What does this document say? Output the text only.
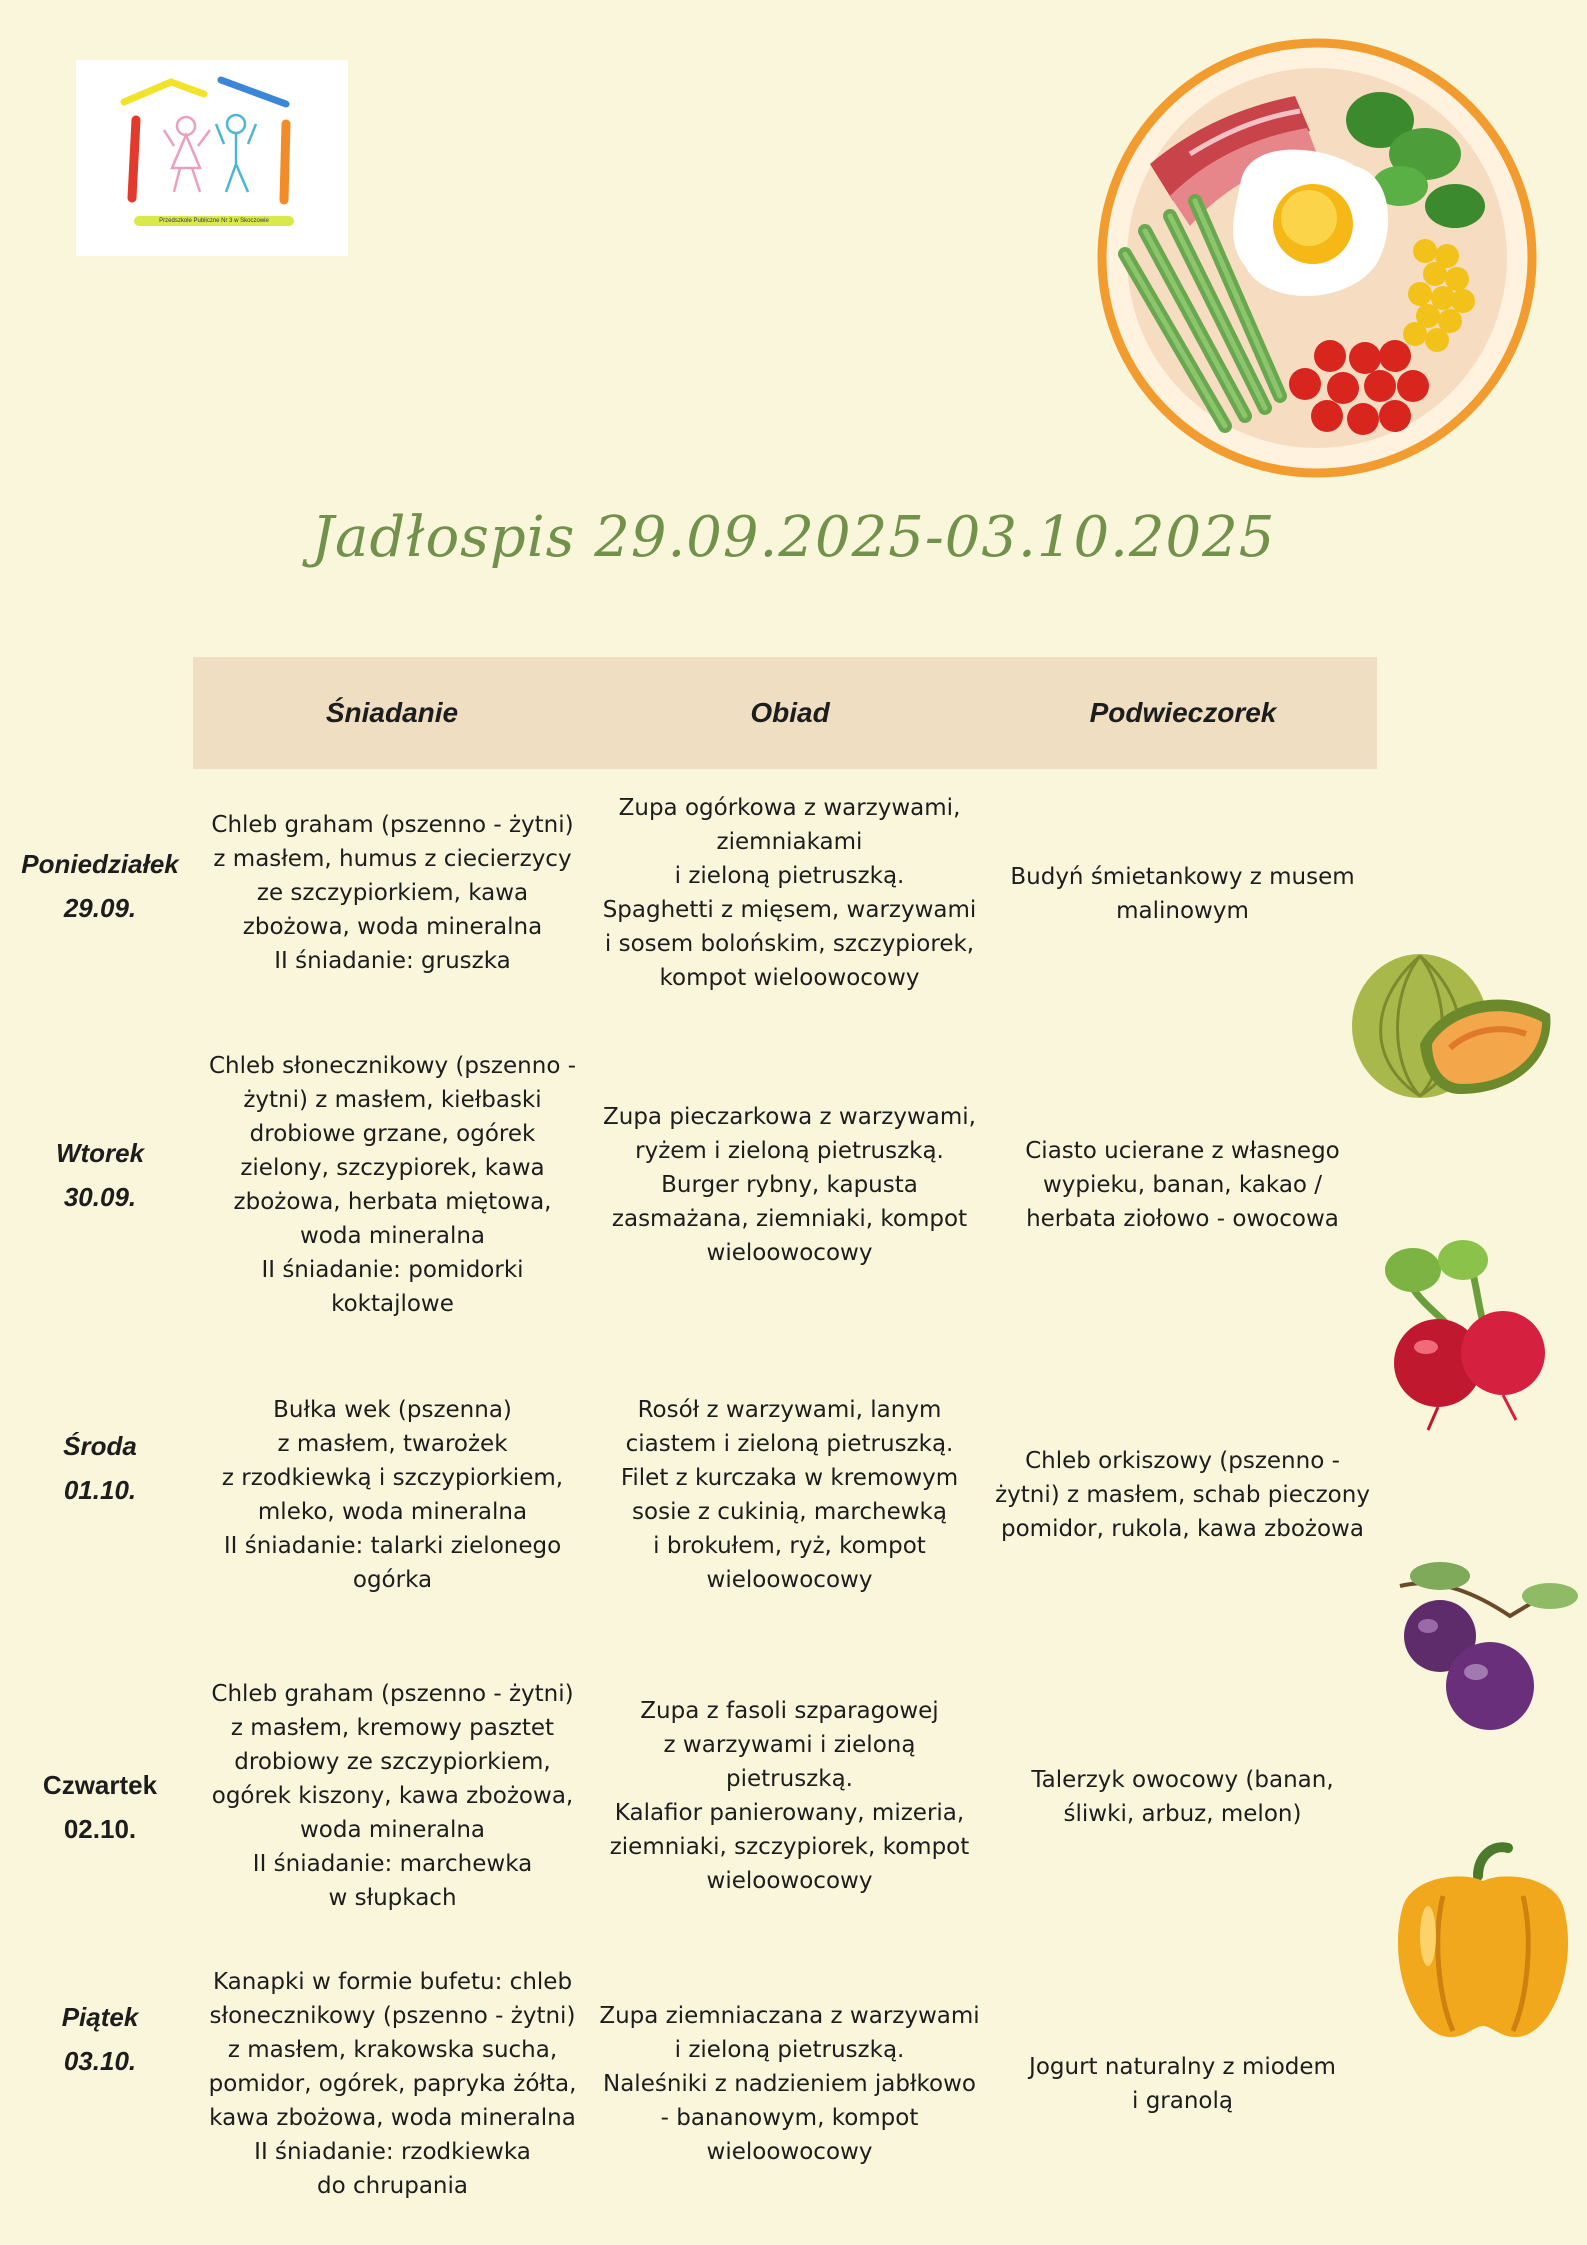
Przedszkole Publiczne Nr 3 w Skoczowie
Jadłospis 29.09.2025-03.10.2025
Śniadanie	Obiad	Podwieczorek
Poniedziałek
29.09.
Chleb graham (pszenno - żytni)
z masłem, humus z ciecierzycy
ze szczypiorkiem, kawa
zbożowa, woda mineralna
II śniadanie: gruszka
Zupa ogórkowa z warzywami,
ziemniakami
i zieloną pietruszką.
Spaghetti z mięsem, warzywami
i sosem bolońskim, szczypiorek,
kompot wieloowocowy
Budyń śmietankowy z musem
malinowym
Wtorek
30.09.
Chleb słonecznikowy (pszenno -
żytni) z masłem, kiełbaski
drobiowe grzane, ogórek
zielony, szczypiorek, kawa
zbożowa, herbata miętowa,
woda mineralna
II śniadanie: pomidorki
koktajlowe
Zupa pieczarkowa z warzywami,
ryżem i zieloną pietruszką.
Burger rybny, kapusta
zasmażana, ziemniaki, kompot
wieloowocowy
Ciasto ucierane z własnego
wypieku, banan, kakao /
herbata ziołowo - owocowa
Środa
01.10.
Bułka wek (pszenna)
z masłem, twarożek
z rzodkiewką i szczypiorkiem,
mleko, woda mineralna
II śniadanie: talarki zielonego
ogórka
Rosół z warzywami, lanym
ciastem i zieloną pietruszką.
Filet z kurczaka w kremowym
sosie z cukinią, marchewką
i brokułem, ryż, kompot
wieloowocowy
Chleb orkiszowy (pszenno -
żytni) z masłem, schab pieczony
pomidor, rukola, kawa zbożowa
Czwartek
02.10.
Chleb graham (pszenno - żytni)
z masłem, kremowy pasztet
drobiowy ze szczypiorkiem,
ogórek kiszony, kawa zbożowa,
woda mineralna
II śniadanie: marchewka
w słupkach
Zupa z fasoli szparagowej
z warzywami i zieloną
pietruszką.
Kalafior panierowany, mizeria,
ziemniaki, szczypiorek, kompot
wieloowocowy
Talerzyk owocowy (banan,
śliwki, arbuz, melon)
Piątek
03.10.
Kanapki w formie bufetu: chleb
słonecznikowy (pszenno - żytni)
z masłem, krakowska sucha,
pomidor, ogórek, papryka żółta,
kawa zbożowa, woda mineralna
II śniadanie: rzodkiewka
do chrupania
Zupa ziemniaczana z warzywami
i zieloną pietruszką.
Naleśniki z nadzieniem jabłkowo
- bananowym, kompot
wieloowocowy
Jogurt naturalny z miodem
i granolą
